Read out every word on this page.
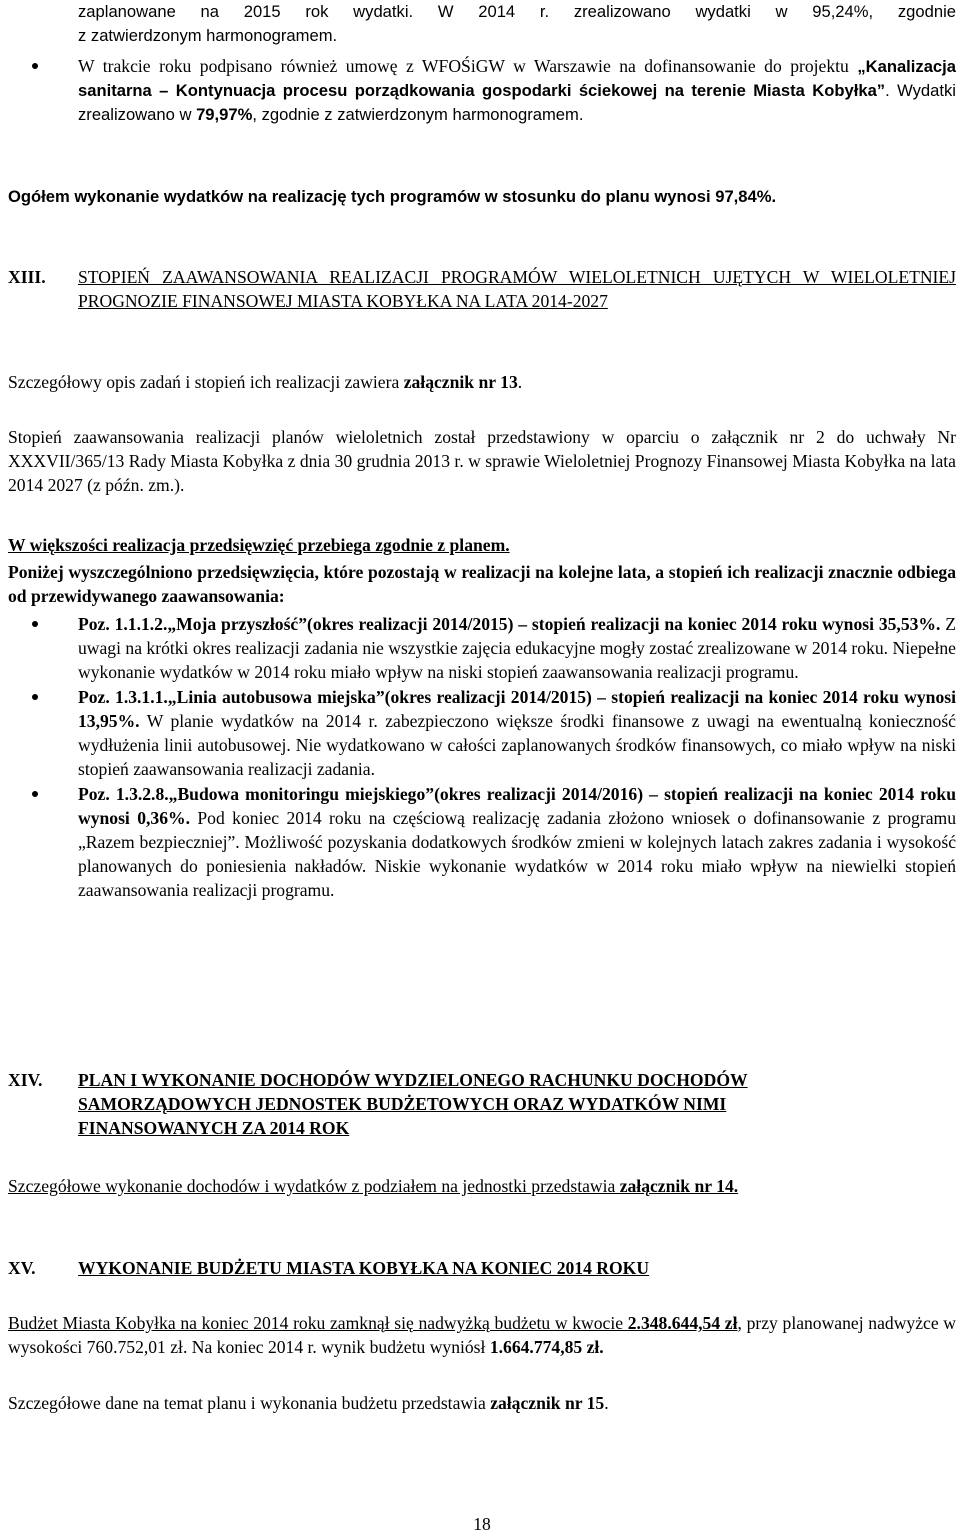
zaplanowane na 2015 rok wydatki. W 2014 r. zrealizowano wydatki w 95,24%, zgodnie

z zatwierdzonym harmonogramem.

W trakcie roku podpisano również umowę z WFOŚiGW w Warszawie na dofinansowanie do projektu „Kanalizacja sanitarna – Kontynuacja procesu porządkowania gospodarki ściekowej na terenie Miasta Kobyłka”. Wydatki zrealizowano w 79,97%, zgodnie z zatwierdzonym harmonogramem.

Ogółem wykonanie wydatków na realizację tych programów w stosunku do planu wynosi 97,84%.

XIII.	STOPIEŃ ZAAWANSOWANIA REALIZACJI PROGRAMÓW WIELOLETNICH UJĘTYCH W WIELOLETNIEJ PROGNOZIE FINANSOWEJ MIASTA KOBYŁKA NA LATA 2014-2027

Szczegółowy opis zadań i stopień ich realizacji zawiera załącznik nr 13.

Stopień zaawansowania realizacji planów wieloletnich został przedstawiony w oparciu o załącznik nr 2 do uchwały Nr XXXVII/365/13 Rady Miasta Kobyłka z dnia 30 grudnia 2013 r. w sprawie Wieloletniej Prognozy Finansowej Miasta Kobyłka na lata 2014 2027 (z późn. zm.).

W większości realizacja przedsięwzięć przebiega zgodnie z planem.

Poniżej wyszczególniono przedsięwzięcia, które pozostają w realizacji na kolejne lata, a stopień ich realizacji znacznie odbiega od przewidywanego zaawansowania:

Poz. 1.1.1.2.„Moja przyszłość”(okres realizacji 2014/2015) – stopień realizacji na koniec 2014 roku wynosi 35,53%. Z uwagi na krótki okres realizacji zadania nie wszystkie zajęcia edukacyjne mogły zostać zrealizowane w 2014 roku. Niepełne wykonanie wydatków w 2014 roku miało wpływ na niski stopień zaawansowania realizacji programu.
Poz. 1.3.1.1.„Linia autobusowa miejska”(okres realizacji 2014/2015) – stopień realizacji na koniec 2014 roku wynosi 13,95%. W planie wydatków na 2014 r. zabezpieczono większe środki finansowe z uwagi na ewentualną konieczność wydłużenia linii autobusowej. Nie wydatkowano w całości zaplanowanych środków finansowych, co miało wpływ na niski stopień zaawansowania realizacji zadania.
Poz. 1.3.2.8.„Budowa monitoringu miejskiego”(okres realizacji 2014/2016) – stopień realizacji na koniec 2014 roku wynosi 0,36%. Pod koniec 2014 roku na częściową realizację zadania złożono wniosek o dofinansowanie z programu „Razem bezpieczniej”. Możliwość pozyskania dodatkowych środków zmieni w kolejnych latach zakres zadania i wysokość planowanych do poniesienia nakładów. Niskie wykonanie wydatków w 2014 roku miało wpływ na niewielki stopień zaawansowania realizacji programu.
XIV.	PLAN I WYKONANIE DOCHODÓW WYDZIELONEGO RACHUNKU DOCHODÓW SAMORZĄDOWYCH JEDNOSTEK BUDŻETOWYCH ORAZ WYDATKÓW NIMI FINANSOWANYCH ZA 2014 ROK

Szczegółowe wykonanie dochodów i wydatków z podziałem na jednostki przedstawia załącznik nr 14.

XV.	WYKONANIE BUDŻETU MIASTA KOBYŁKA NA KONIEC 2014 ROKU

Budżet Miasta Kobyłka na koniec 2014 roku zamknął się nadwyżką budżetu w kwocie 2.348.644,54 zł, przy planowanej nadwyżce w wysokości 760.752,01 zł. Na koniec 2014 r. wynik budżetu wyniósł 1.664.774,85 zł.

Szczegółowe dane na temat planu i wykonania budżetu przedstawia załącznik nr 15.

18
